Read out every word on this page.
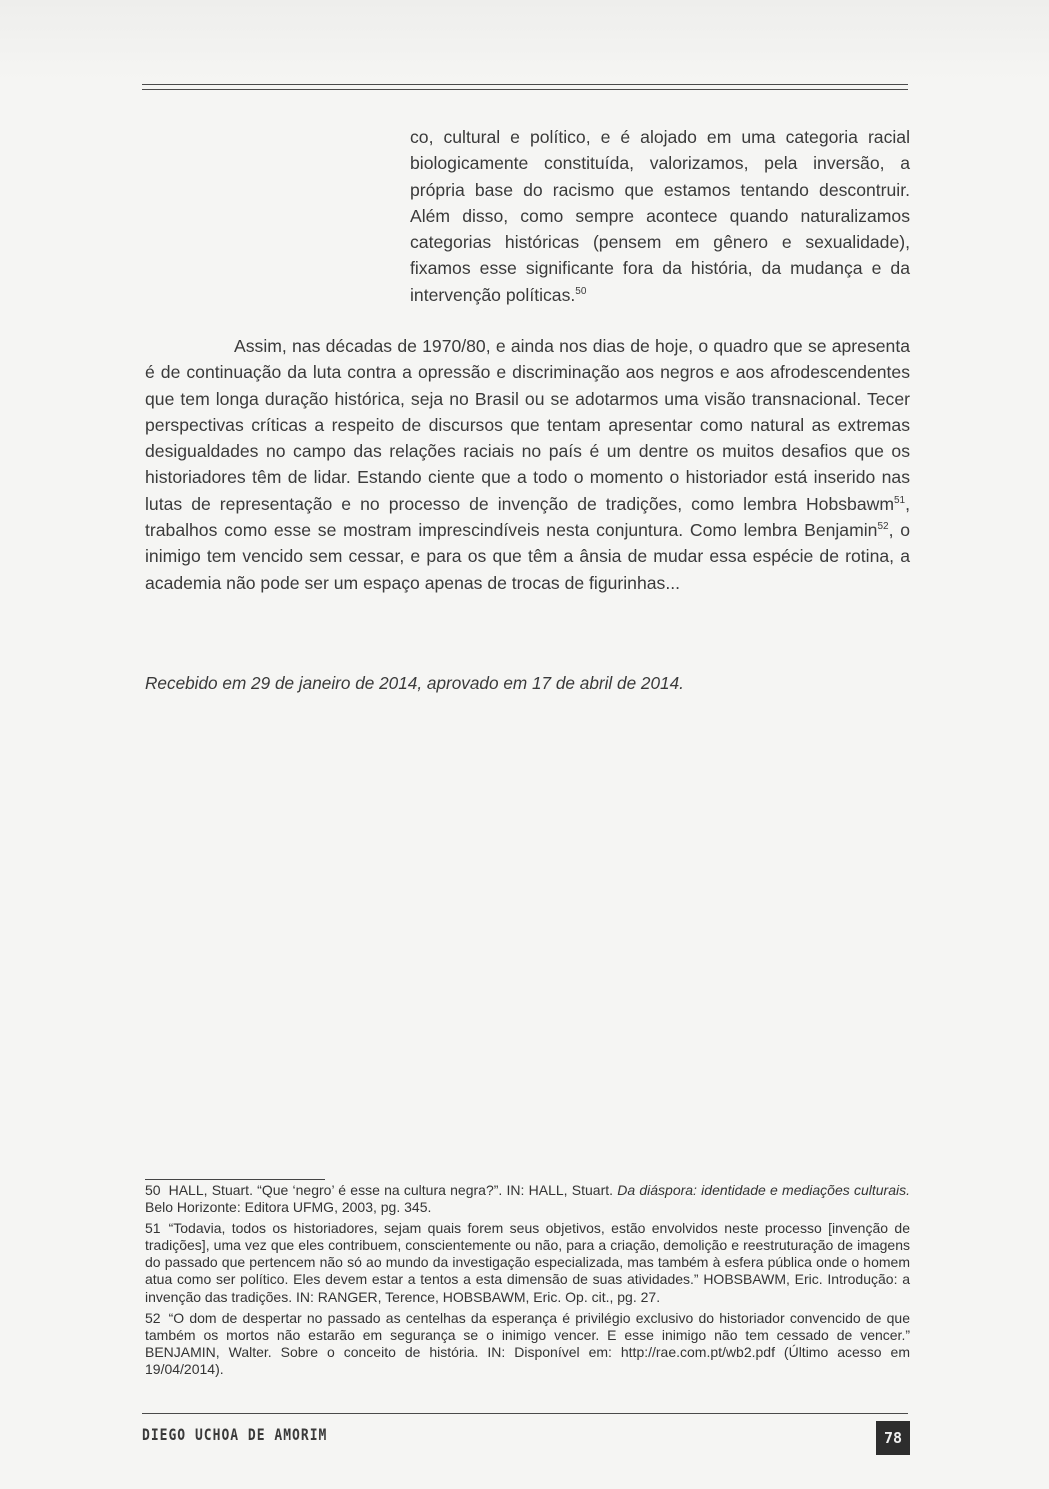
co, cultural e político, e é alojado em uma categoria racial biologicamente constituída, valorizamos, pela inversão, a própria base do racismo que estamos tentando descontruir. Além disso, como sempre acontece quando naturalizamos categorias históricas (pensem em gênero e sexualidade), fixamos esse significante fora da história, da mudança e da intervenção políticas.$^{50}$

Assim, nas décadas de 1970/80, e ainda nos dias de hoje, o quadro que se apresenta é de continuação da luta contra a opressão e discriminação aos negros e aos afrodescendentes que tem longa duração histórica, seja no Brasil ou se adotarmos uma visão transnacional. Tecer perspectivas críticas a respeito de discursos que tentam apresentar como natural as extremas desigualdades no campo das relações raciais no país é um dentre os muitos desafios que os historiadores têm de lidar. Estando ciente que a todo o momento o historiador está inserido nas lutas de representação e no processo de invenção de tradições, como lembra Hobsbawm$^{51}$, trabalhos como esse se mostram imprescindíveis nesta conjuntura. Como lembra Benjamin$^{52}$, o inimigo tem vencido sem cessar, e para os que têm a ânsia de mudar essa espécie de rotina, a academia não pode ser um espaço apenas de trocas de figurinhas...

Recebido em 29 de janeiro de 2014, aprovado em 17 de abril de 2014.

50 HALL, Stuart. “Que ‘negro’ é esse na cultura negra?”. IN: HALL, Stuart. Da diáspora: identidade e mediações culturais. Belo Horizonte: Editora UFMG, 2003, pg. 345.

51 “Todavia, todos os historiadores, sejam quais forem seus objetivos, estão envolvidos neste processo [invenção de tradições], uma vez que eles contribuem, conscientemente ou não, para a criação, demolição e reestruturação de imagens do passado que pertencem não só ao mundo da investigação especializada, mas também à esfera pública onde o homem atua como ser político. Eles devem estar a tentos a esta dimensão de suas atividades.” HOBSBAWM, Eric. Introdução: a invenção das tradições. IN: RANGER, Terence, HOBSBAWM, Eric. Op. cit., pg. 27.

52 “O dom de despertar no passado as centelhas da esperança é privilégio exclusivo do historiador convencido de que também os mortos não estarão em segurança se o inimigo vencer. E esse inimigo não tem cessado de vencer.” BENJAMIN, Walter. Sobre o conceito de história. IN: Disponível em: http://rae.com.pt/wb2.pdf (Último acesso em 19/04/2014).

DIEGO UCHOA DE AMORIM	78
